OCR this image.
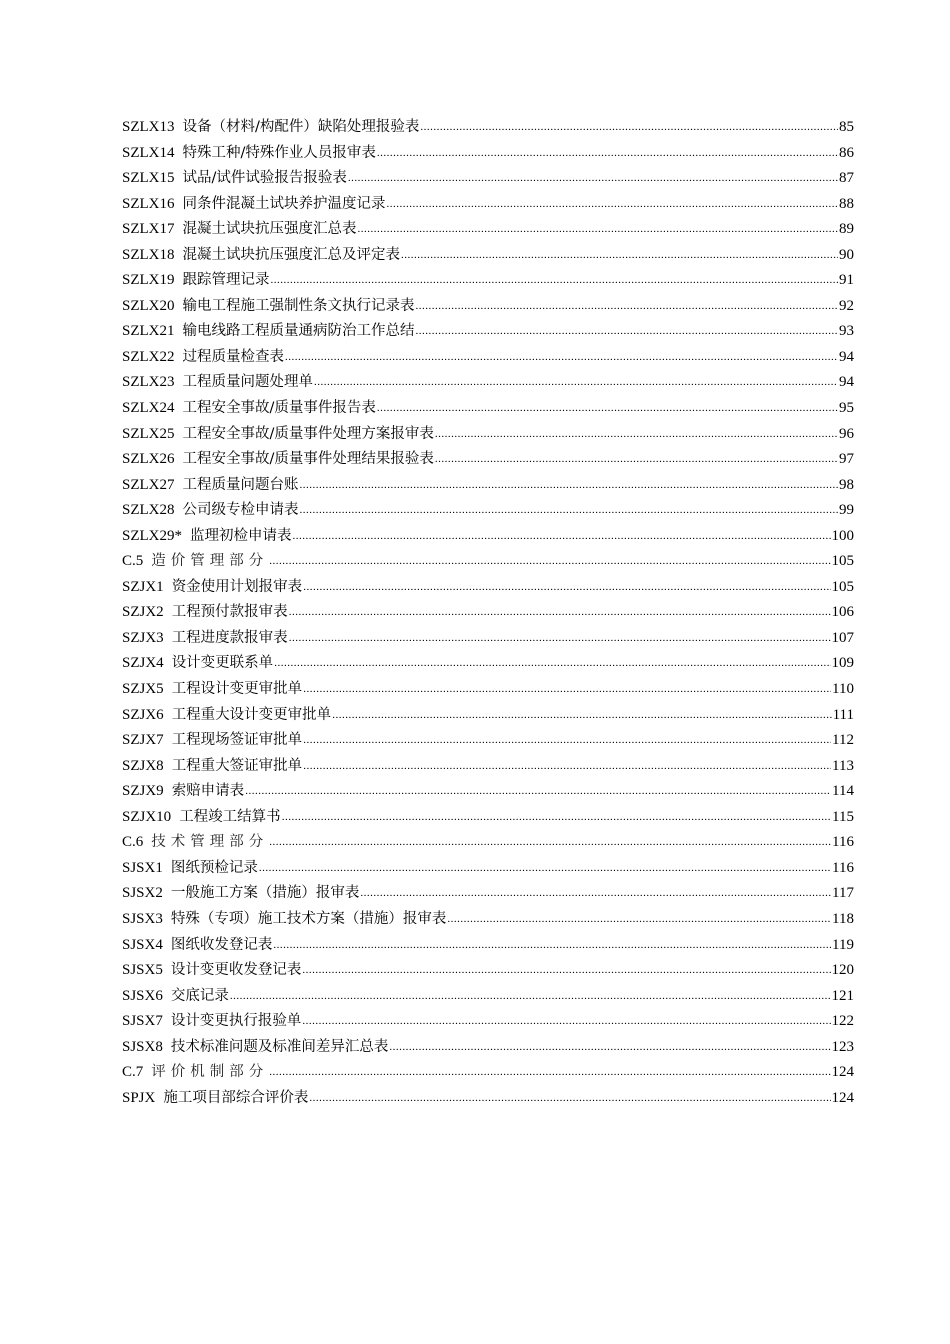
SZLX13 设备（材料/构配件）缺陷处理报验表 .....	85
SZLX14 特殊工种/特殊作业人员报审表 .....	86
SZLX15 试品/试件试验报告报验表 .....	87
SZLX16 同条件混凝土试块养护温度记录 .....	88
SZLX17 混凝土试块抗压强度汇总表 .....	89
SZLX18 混凝土试块抗压强度汇总及评定表 .....	90
SZLX19 跟踪管理记录 .....	91
SZLX20 输电工程施工强制性条文执行记录表 .....	92
SZLX21 输电线路工程质量通病防治工作总结 .....	93
SZLX22 过程质量检查表 .....	94
SZLX23 工程质量问题处理单 .....	94
SZLX24 工程安全事故/质量事件报告表 .....	95
SZLX25 工程安全事故/质量事件处理方案报审表 .....	96
SZLX26 工程安全事故/质量事件处理结果报验表 .....	97
SZLX27 工程质量问题台账 .....	98
SZLX28 公司级专检申请表 .....	99
SZLX29* 监理初检申请表 .....	100
C.5 造价管理部分 .....	105
SZJX1 资金使用计划报审表 .....	105
SZJX2 工程预付款报审表 .....	106
SZJX3 工程进度款报审表 .....	107
SZJX4 设计变更联系单 .....	109
SZJX5 工程设计变更审批单 .....	110
SZJX6 工程重大设计变更审批单 .....	111
SZJX7 工程现场签证审批单 .....	112
SZJX8 工程重大签证审批单 .....	113
SZJX9 索赔申请表 .....	114
SZJX10 工程竣工结算书 .....	115
C.6 技术管理部分 .....	116
SJSX1 图纸预检记录 .....	116
SJSX2 一般施工方案（措施）报审表 .....	117
SJSX3 特殊（专项）施工技术方案（措施）报审表 .....	118
SJSX4 图纸收发登记表 .....	119
SJSX5 设计变更收发登记表 .....	120
SJSX6 交底记录 .....	121
SJSX7 设计变更执行报验单 .....	122
SJSX8 技术标准问题及标准间差异汇总表 .....	123
C.7 评价机制部分 .....	124
SPJX 施工项目部综合评价表 .....	124
